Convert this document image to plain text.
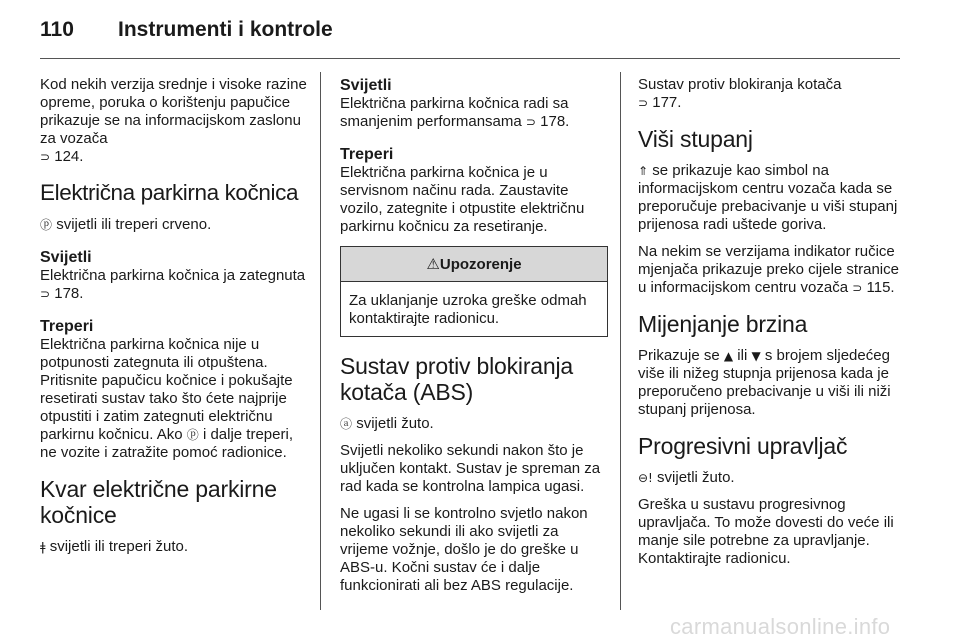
110 Instrumenti i kontrole

Kod nekih verzija srednje i visoke razine opreme, poruka o korištenju papučice prikazuje se na informacijskom zaslonu za vozača
⊃ 124.

Električna parkirna kočnica

ⓟ svijetli ili treperi crveno.

Svijetli

Električna parkirna kočnica ja zategnuta ⊃ 178.

Treperi

Električna parkirna kočnica nije u potpunosti zategnuta ili otpuštena. Pritisnite papučicu kočnice i pokušajte resetirati sustav tako što ćete najprije otpustiti i zatim zategnuti električnu parkirnu kočnicu. Ako ⓟ i dalje treperi, ne vozite i zatražite pomoć radionice.

Kvar električne parkirne kočnice

ǂ svijetli ili treperi žuto.

Svijetli

Električna parkirna kočnica radi sa smanjenim performansama ⊃ 178.

Treperi

Električna parkirna kočnica je u servisnom načinu rada. Zaustavite vozilo, zategnite i otpustite električnu parkirnu kočnicu za resetiranje.

⚠Upozorenje
Za uklanjanje uzroka greške odmah kontaktirajte radionicu.
Sustav protiv blokiranja kotača (ABS)

ⓐ svijetli žuto.

Svijetli nekoliko sekundi nakon što je uključen kontakt. Sustav je spreman za rad kada se kontrolna lampica ugasi.

Ne ugasi li se kontrolno svjetlo nakon nekoliko sekundi ili ako svijetli za vrijeme vožnje, došlo je do greške u ABS-u. Kočni sustav će i dalje funkcionirati ali bez ABS regulacije.

Sustav protiv blokiranja kotača
⊃ 177.

Viši stupanj

⇑ se prikazuje kao simbol na informacijskom centru vozača kada se preporučuje prebacivanje u viši stupanj prijenosa radi uštede goriva.

Na nekim se verzijama indikator ručice mjenjača prikazuje preko cijele stranice u informacijskom centru vozača ⊃ 115.

Mijenjanje brzina

Prikazuje se ▲ ili ▼ s brojem sljedećeg više ili nižeg stupnja prijenosa kada je preporučeno prebacivanje u viši ili niži stupanj prijenosa.

Progresivni upravljač

⊖! svijetli žuto.

Greška u sustavu progresivnog upravljača. To može dovesti do veće ili manje sile potrebne za upravljanje. Kontaktirajte radionicu.

carmanualsonline.info
